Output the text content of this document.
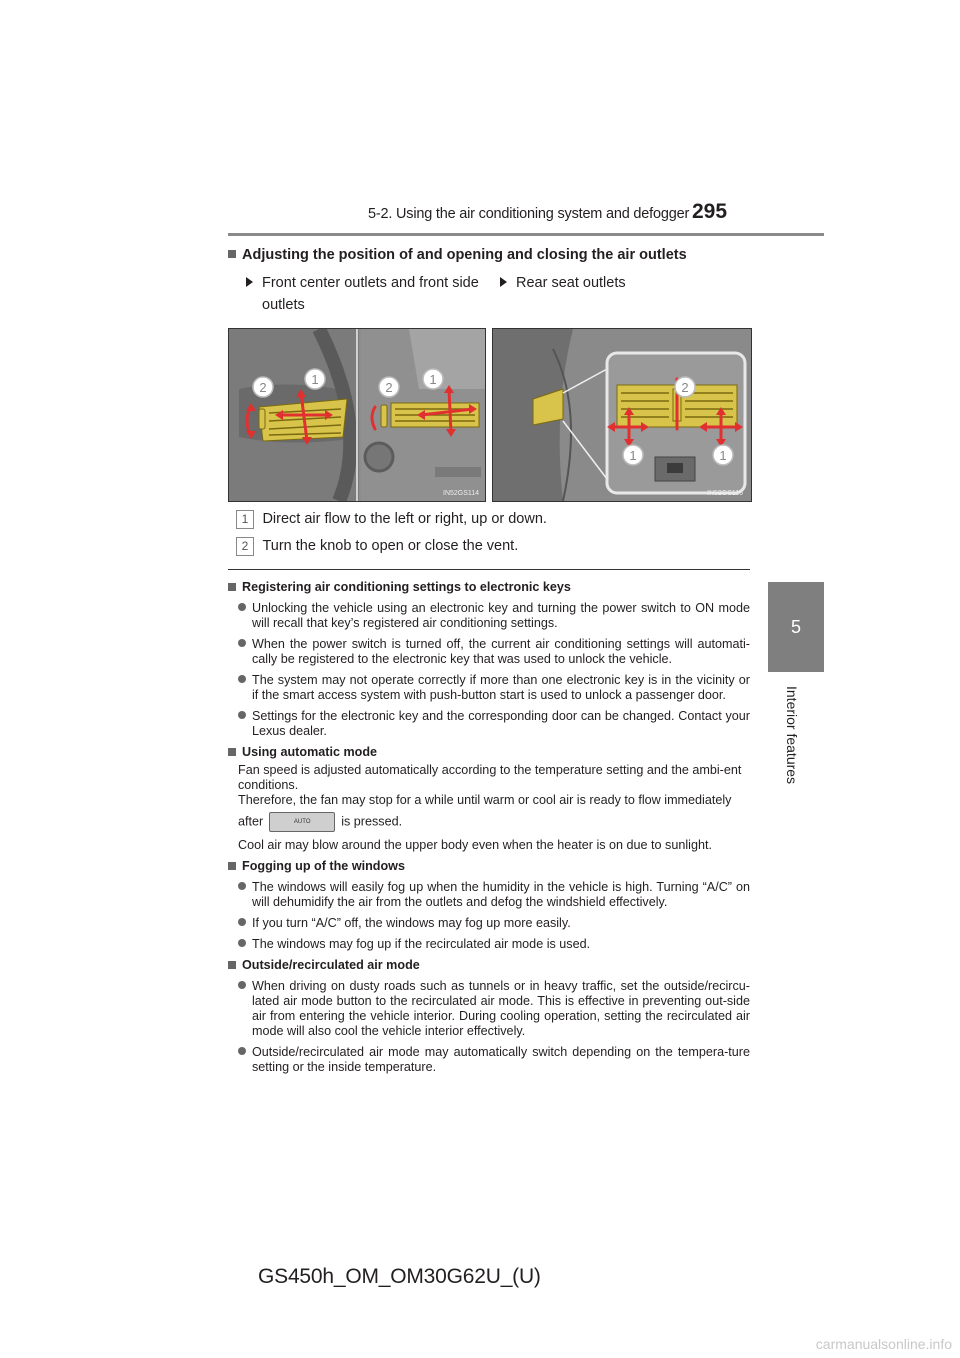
5-2. Using the air conditioning system and defogger 295
5
Interior features
Adjusting the position of and opening and closing the air outlets
Front center outlets and front side
outlets
Rear seat outlets
2
1
2
1
IN52GS114
2
1	1
IN52GS116
1 Direct air flow to the left or right, up or down.
2 Turn the knob to open or close the vent.

Registering air conditioning settings to electronic keys

Unlocking the vehicle using an electronic key and turning the power switch to ON mode will recall that key’s registered air conditioning settings.

When the power switch is turned off, the current air conditioning settings will automati-cally be registered to the electronic key that was used to unlock the vehicle.

The system may not operate correctly if more than one electronic key is in the vicinity or if the smart access system with push-button start is used to unlock a passenger door.

Settings for the electronic key and the corresponding door can be changed. Contact your Lexus dealer.

Using automatic mode

Fan speed is adjusted automatically according to the temperature setting and the ambi-ent conditions.

Therefore, the fan may stop for a while until warm or cool air is ready to flow immediately

after	AUTO is pressed.

Cool air may blow around the upper body even when the heater is on due to sunlight.

Fogging up of the windows

The windows will easily fog up when the humidity in the vehicle is high. Turning “A/C” on will dehumidify the air from the outlets and defog the windshield effectively.

If you turn “A/C” off, the windows may fog up more easily.

The windows may fog up if the recirculated air mode is used.

Outside/recirculated air mode

When driving on dusty roads such as tunnels or in heavy traffic, set the outside/recircu-lated air mode button to the recirculated air mode. This is effective in preventing out-side air from entering the vehicle interior. During cooling operation, setting the recirculated air mode will also cool the vehicle interior effectively.

Outside/recirculated air mode may automatically switch depending on the tempera-ture setting or the inside temperature.

GS450h_OM_OM30G62U_(U)
carmanualsonline.info
